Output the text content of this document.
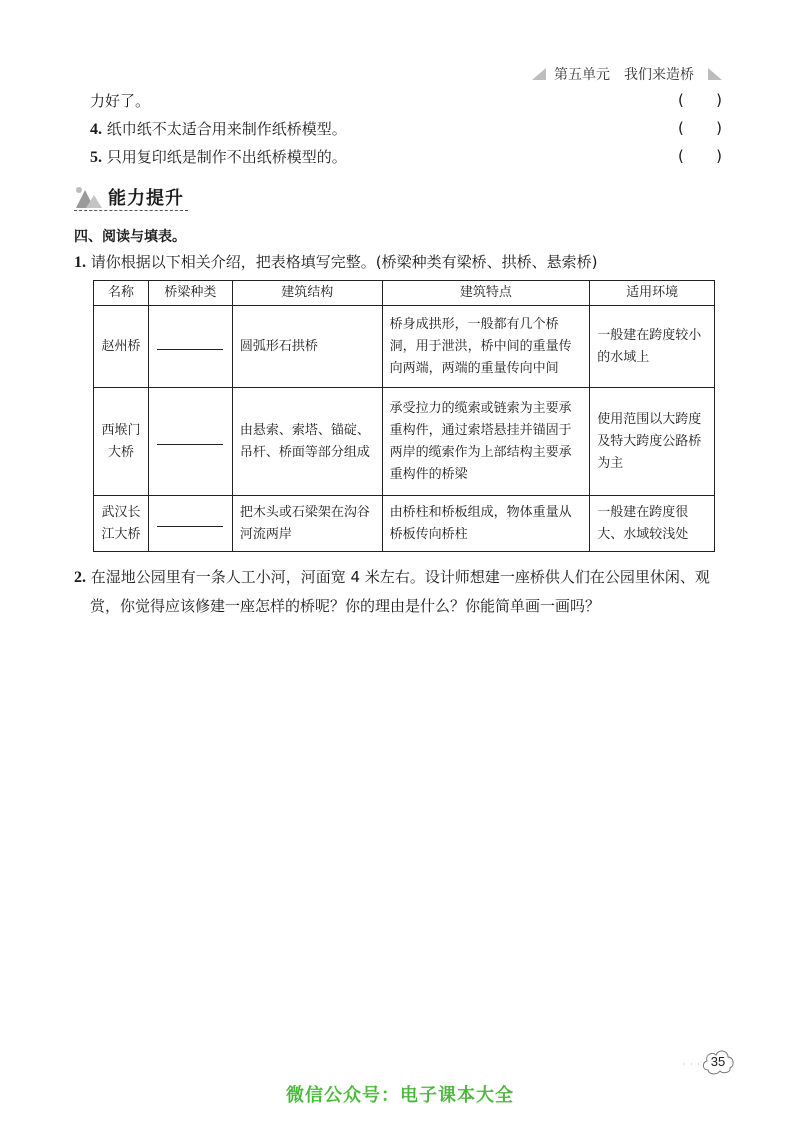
第五单元 我们来造桥
力好了。	( )
4. 纸巾纸不太适合用来制作纸桥模型。	( )
5. 只用复印纸是制作不出纸桥模型的。	( )
能力提升
四、阅读与填表。
1. 请你根据以下相关介绍，把表格填写完整。(桥梁种类有梁桥、拱桥、悬索桥)
名称	桥梁种类	建筑结构	建筑特点	适用环境
赵州桥		圆弧形石拱桥	桥身成拱形，一般都有几个桥洞，用于泄洪，桥中间的重量传向两端，两端的重量传向中间	一般建在跨度较小的水域上
西堠门
大桥		由悬索、索塔、锚碇、吊杆、桥面等部分组成	承受拉力的缆索或链索为主要承重构件，通过索塔悬挂并锚固于两岸的缆索作为上部结构主要承重构件的桥梁	使用范围以大跨度及特大跨度公路桥为主
武汉长
江大桥		把木头或石梁架在沟谷河流两岸	由桥柱和桥板组成，物体重量从桥板传向桥柱	一般建在跨度很大、水域较浅处
2. 在湿地公园里有一条人工小河，河面宽 4 米左右。设计师想建一座桥供人们在公园里休闲、观
赏，你觉得应该修建一座怎样的桥呢？你的理由是什么？你能简单画一画吗？
· · · 35
微信公众号：电子课本大全
